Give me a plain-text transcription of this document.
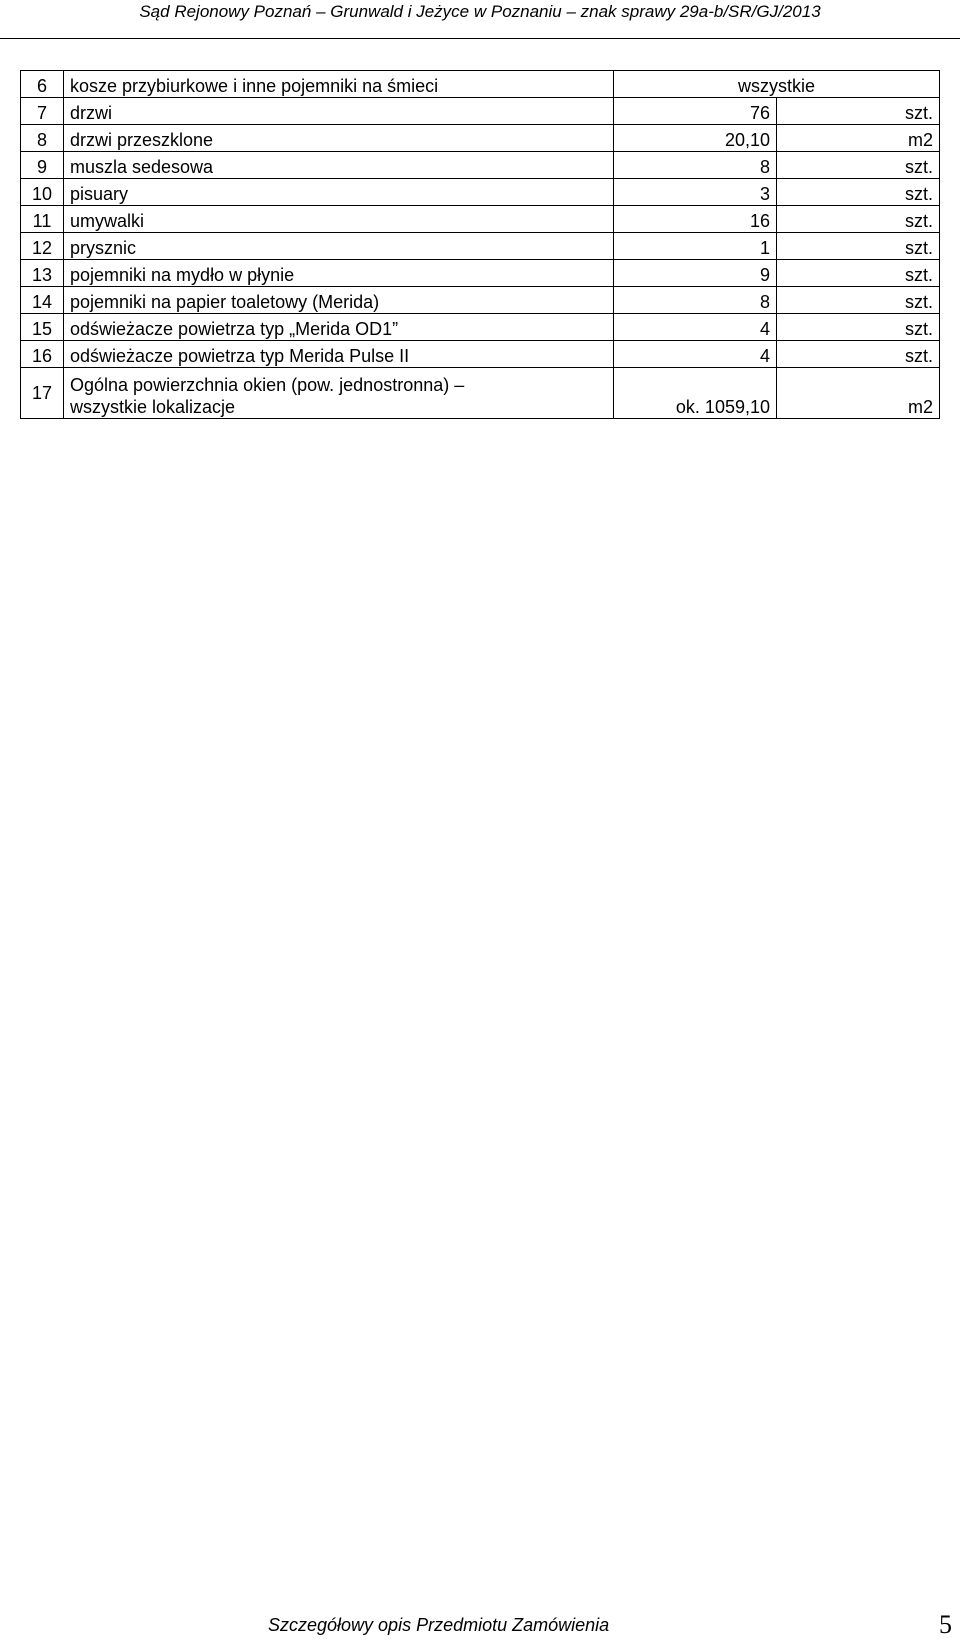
Sąd Rejonowy Poznań – Grunwald i Jeżyce w Poznaniu – znak sprawy 29a-b/SR/GJ/2013
6	kosze przybiurkowe i inne pojemniki na śmieci	wszystkie	
7	drzwi	76	szt.
8	drzwi przeszklone	20,10	m2
9	muszla sedesowa	8	szt.
10	pisuary	3	szt.
11	umywalki	16	szt.
12	prysznic	1	szt.
13	pojemniki na mydło w płynie	9	szt.
14	pojemniki na papier toaletowy (Merida)	8	szt.
15	odświeżacze powietrza typ „Merida OD1”	4	szt.
16	odświeżacze powietrza typ Merida Pulse II	4	szt.
17	Ogólna powierzchnia okien (pow. jednostronna) –
wszystkie lokalizacje	ok. 1059,10	m2
Szczegółowy opis Przedmiotu Zamówienia	5
